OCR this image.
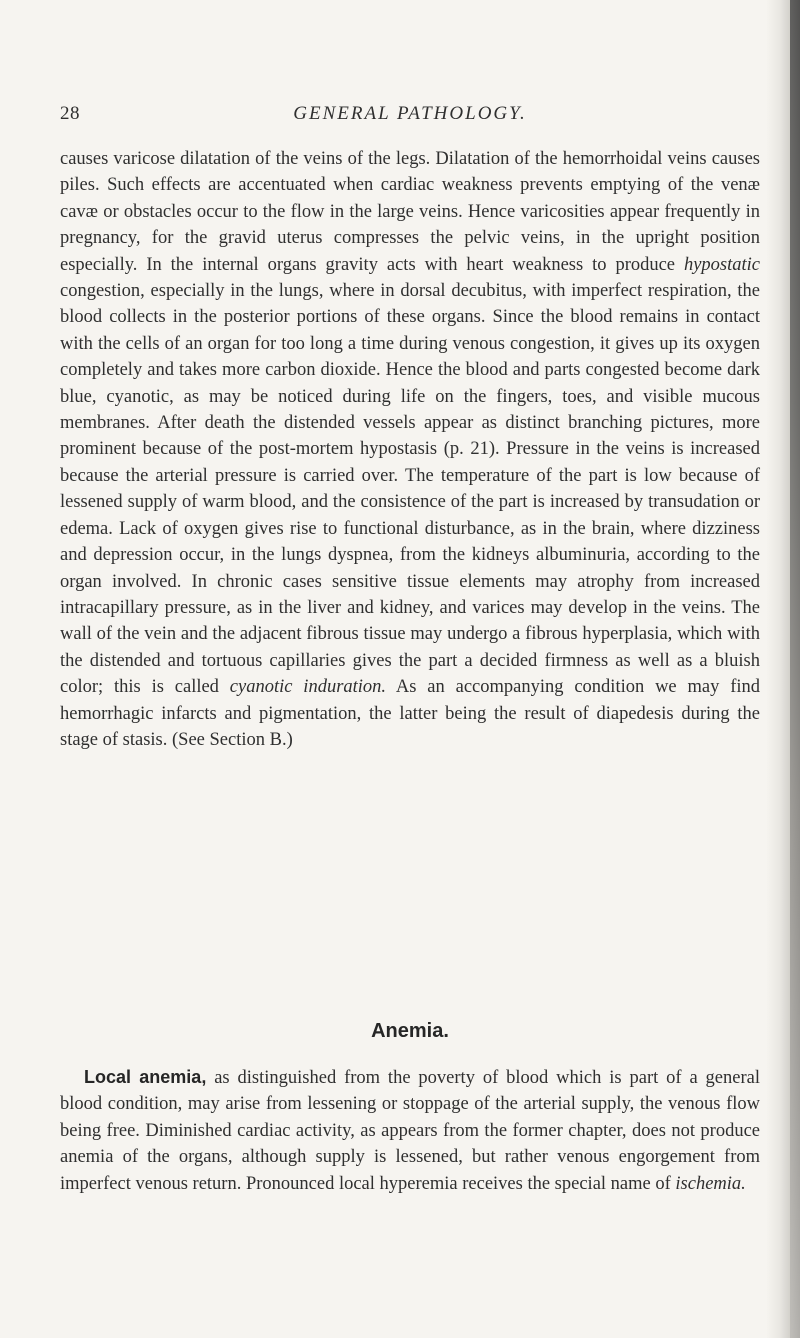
28	GENERAL PATHOLOGY.

causes varicose dilatation of the veins of the legs. Dilatation of the hemorrhoidal veins causes piles. Such effects are accentuated when cardiac weakness prevents emptying of the venæ cavæ or obstacles occur to the flow in the large veins. Hence varicosities appear frequently in pregnancy, for the gravid uterus compresses the pelvic veins, in the upright position especially. In the internal organs gravity acts with heart weakness to produce hypostatic congestion, especially in the lungs, where in dorsal decubitus, with imperfect respiration, the blood collects in the posterior portions of these organs. Since the blood remains in contact with the cells of an organ for too long a time during venous congestion, it gives up its oxygen completely and takes more carbon dioxide. Hence the blood and parts congested become dark blue, cyanotic, as may be noticed during life on the fingers, toes, and visible mucous membranes. After death the distended vessels appear as distinct branching pictures, more prominent because of the post-mortem hypostasis (p. 21). Pressure in the veins is increased because the arterial pressure is carried over. The temperature of the part is low because of lessened supply of warm blood, and the consistence of the part is increased by transudation or edema. Lack of oxygen gives rise to functional disturbance, as in the brain, where dizziness and depression occur, in the lungs dyspnea, from the kidneys albuminuria, according to the organ involved. In chronic cases sensitive tissue elements may atrophy from increased intracapillary pressure, as in the liver and kidney, and varices may develop in the veins. The wall of the vein and the adjacent fibrous tissue may undergo a fibrous hyperplasia, which with the distended and tortuous capillaries gives the part a decided firmness as well as a bluish color; this is called cyanotic induration. As an accompanying condition we may find hemorrhagic infarcts and pigmentation, the latter being the result of diapedesis during the stage of stasis. (See Section B.)

Anemia.

Local anemia, as distinguished from the poverty of blood which is part of a general blood condition, may arise from lessening or stoppage of the arterial supply, the venous flow being free. Diminished cardiac activity, as appears from the former chapter, does not produce anemia of the organs, although supply is lessened, but rather venous engorgement from imperfect venous return. Pronounced local hyperemia receives the special name of ischemia.
